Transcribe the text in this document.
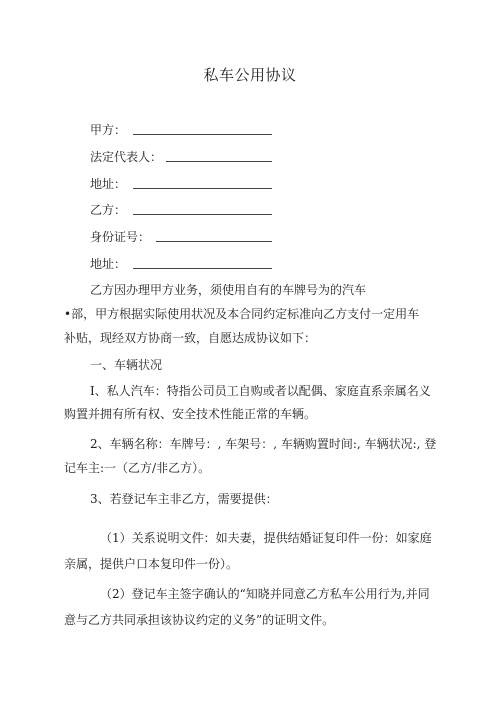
私车公用协议
甲方：
法定代表人：
地址：
乙方：
身份证号：
地址：
乙方因办理甲方业务，须使用自有的车牌号为的汽车
•部，甲方根据实际使用状况及本合同约定标准向乙方支付一定用车
补贴，现经双方协商一致，自愿达成协议如下：
一、车辆状况
I、私人汽车：特指公司员工自购或者以配偶、家庭直系亲属名义
购置并拥有所有权、安全技术性能正常的车辆。
2、车辆名称：车牌号：, 车架号：, 车辆购置时间:, 车辆状况:, 登
记车主:一（乙方/非乙方）。
3、若登记车主非乙方，需要提供：
（1）关系说明文件：如夫妻，提供结婚证复印件一份：如家庭
亲属，提供户口本复印件一份）。
（2）登记车主签字确认的“知晓并同意乙方私车公用行为,并同
意与乙方共同承担该协议约定的义务”的证明文件。
